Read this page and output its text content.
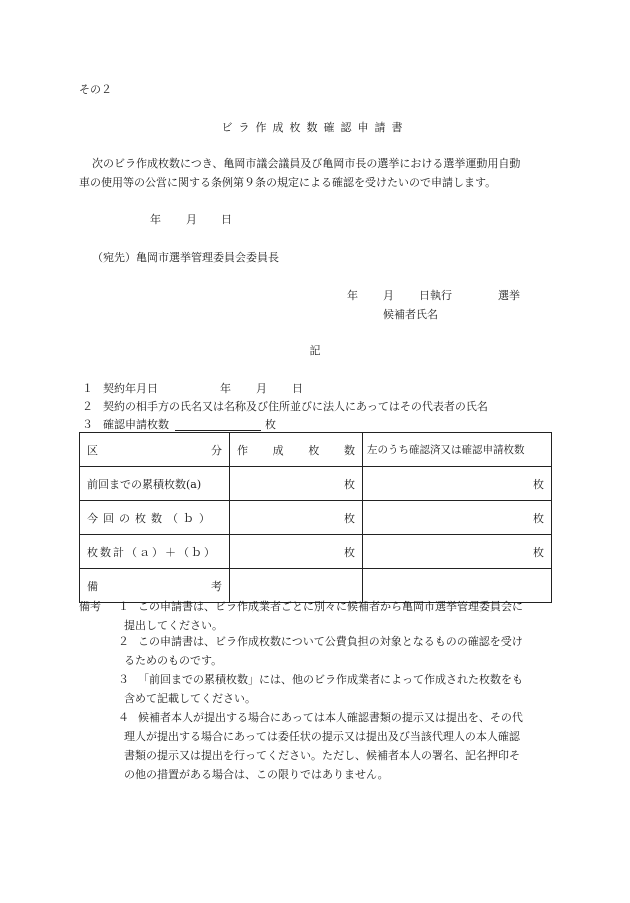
その２
ビラ作成枚数確認申請書
次のビラ作成枚数につき、亀岡市議会議員及び亀岡市長の選挙における選挙運動用自動
車の使用等の公営に関する条例第９条の規定による確認を受けたいので申請します。
年 月 日
（宛先）亀岡市選挙管理委員会委員長
年 月 日執行	選挙
候補者氏名
記
１ 契約年月日	年 月 日
２ 契約の相手方の氏名又は名称及び住所並びに法人にあってはその代表者の氏名
３ 確認申請枚数	枚
区 分	作 成 枚 数	左のうち確認済又は確認申請枚数
前回までの累積枚数(a)	枚	枚
今回の枚数（ｂ）	枚	枚
枚数計（ａ）＋（ｂ）	枚	枚

備 考		

備考 １ この申請書は、ビラ作成業者ごとに別々に候補者から亀岡市選挙管理委員会に
提出してください。
２ この申請書は、ビラ作成枚数について公費負担の対象となるものの確認を受け
るためのものです。
３ 「前回までの累積枚数」には、他のビラ作成業者によって作成された枚数をも
含めて記載してください。
４ 候補者本人が提出する場合にあっては本人確認書類の提示又は提出を、その代
理人が提出する場合にあっては委任状の提示又は提出及び当該代理人の本人確認
書類の提示又は提出を行ってください。ただし、候補者本人の署名、記名押印そ
の他の措置がある場合は、この限りではありません。
